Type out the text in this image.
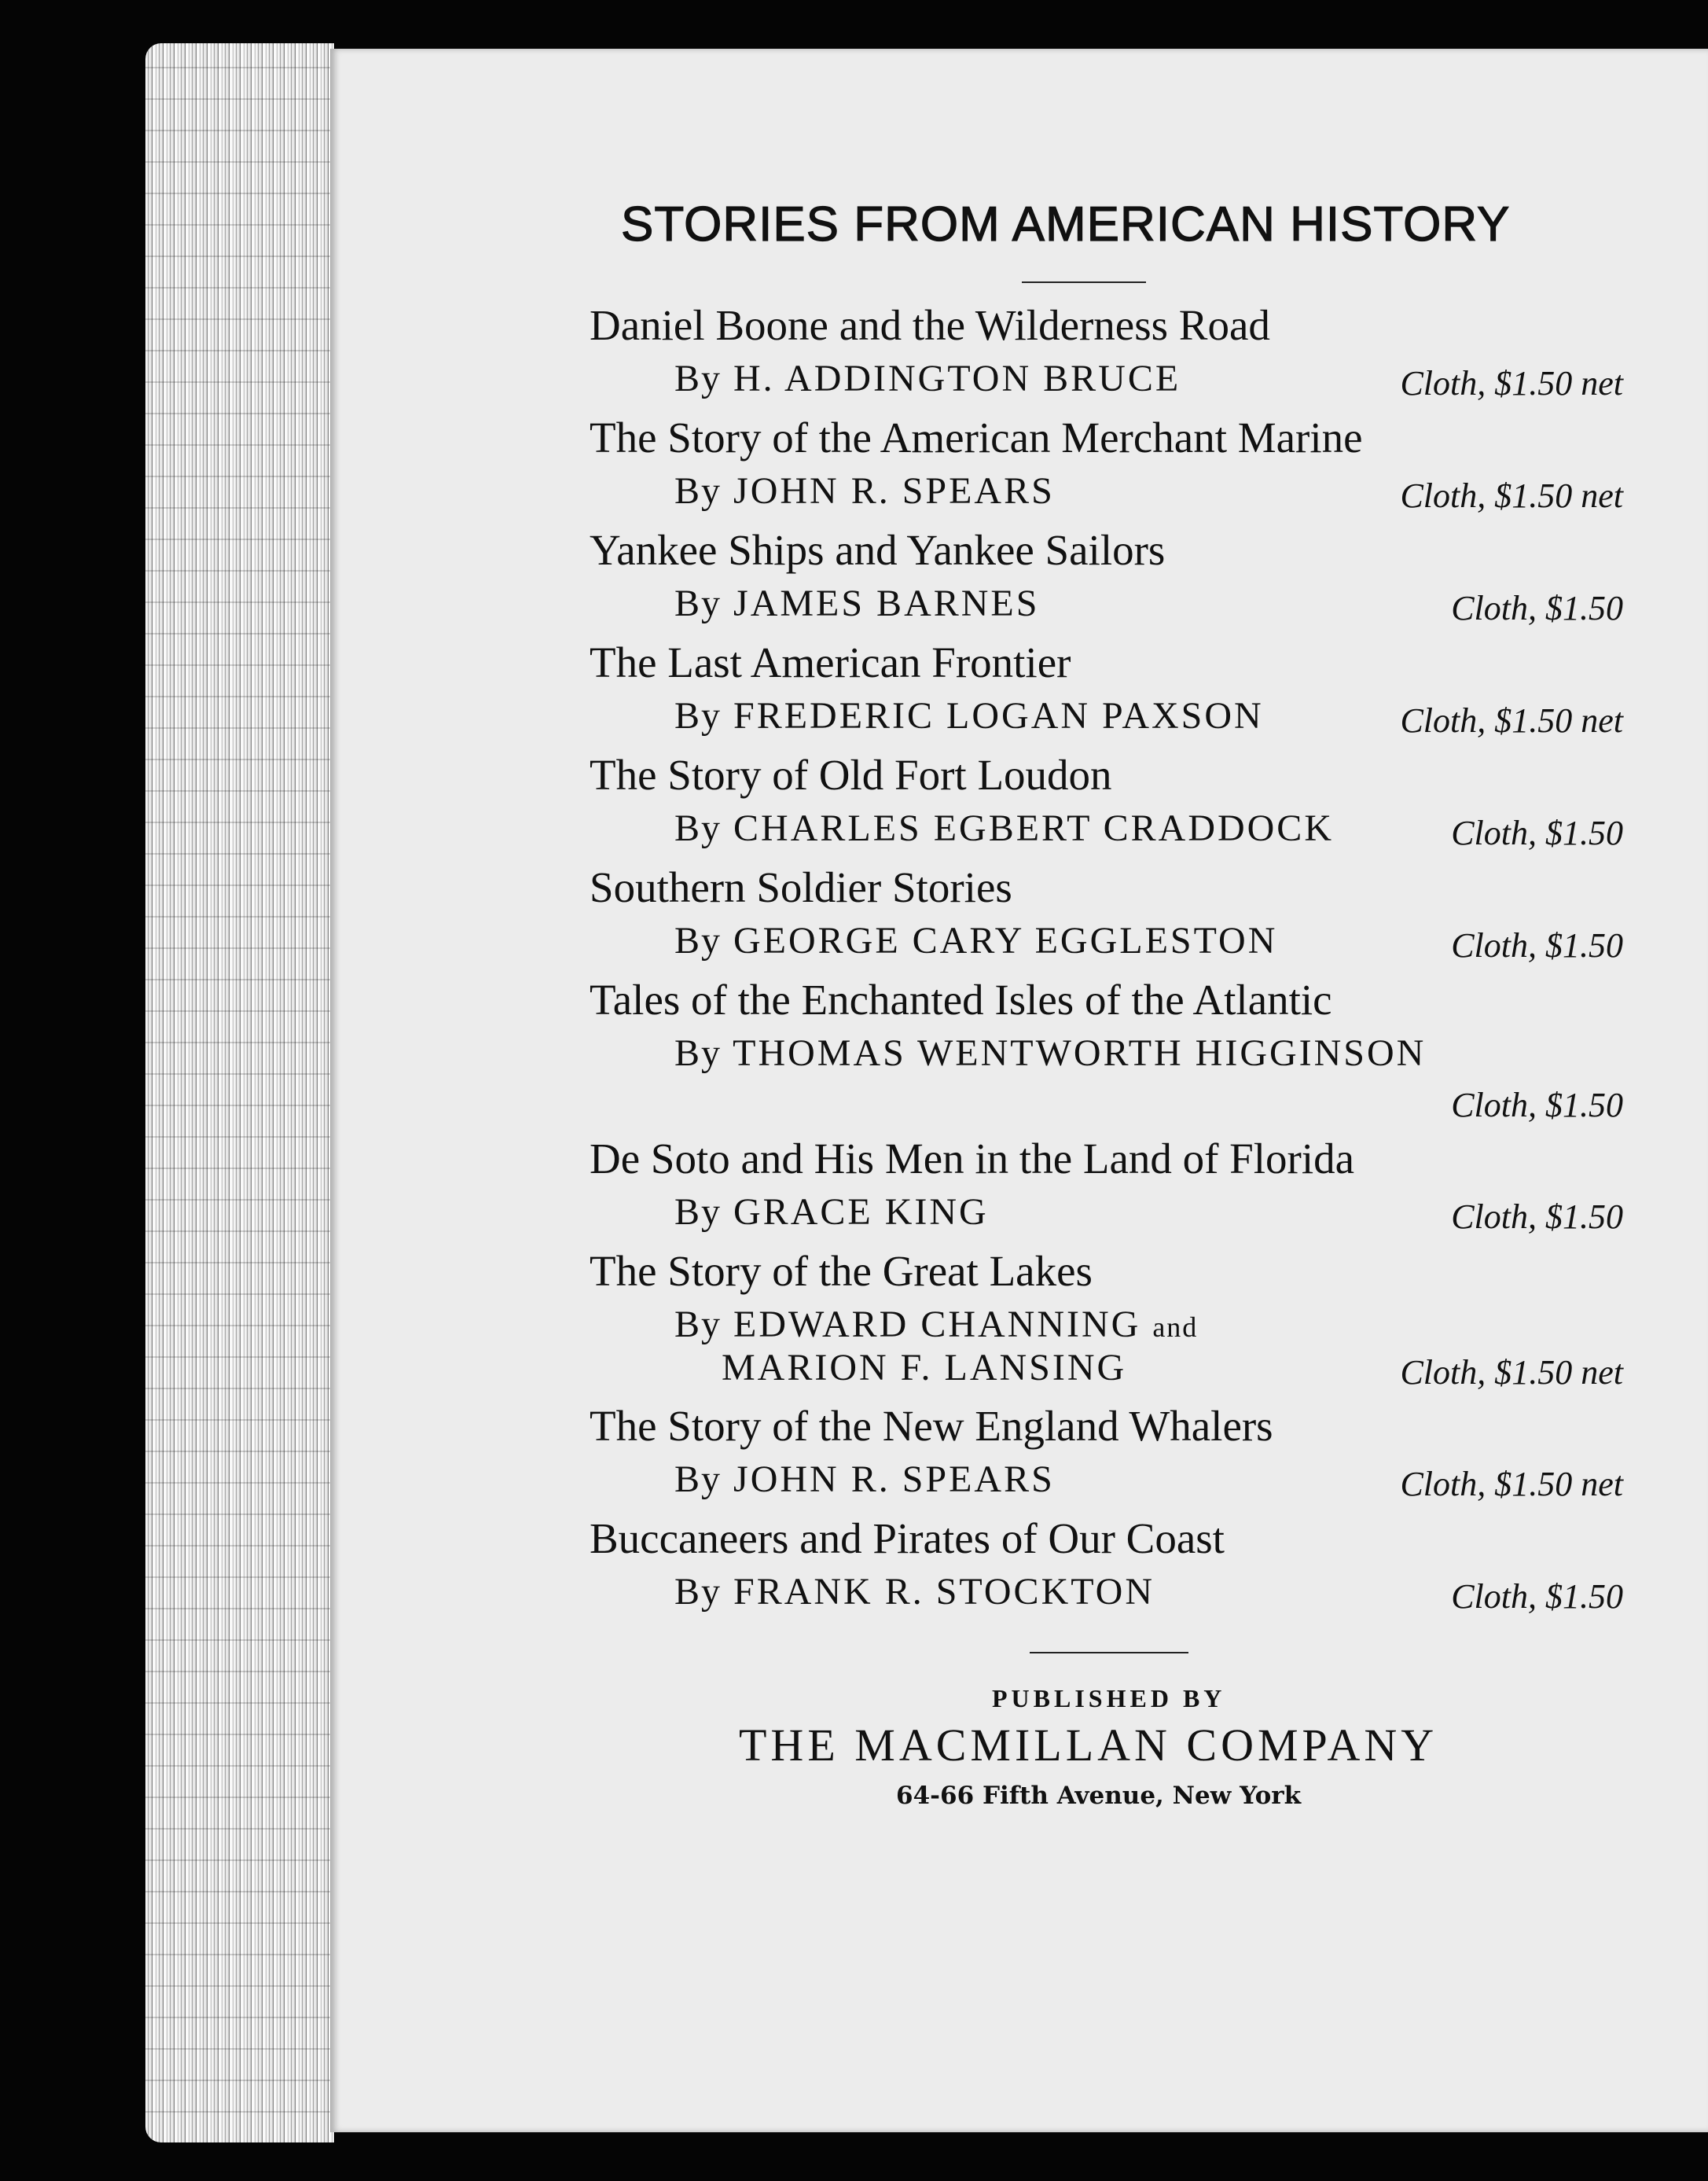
STORIES FROM AMERICAN HISTORY
Daniel Boone and the Wilderness Road
By H. ADDINGTON BRUCE	Cloth, $1.50 net
The Story of the American Merchant Marine
By JOHN R. SPEARS	Cloth, $1.50 net
Yankee Ships and Yankee Sailors
By JAMES BARNES	Cloth, $1.50
The Last American Frontier
By FREDERIC LOGAN PAXSON	Cloth, $1.50 net
The Story of Old Fort Loudon
By CHARLES EGBERT CRADDOCK	Cloth, $1.50
Southern Soldier Stories
By GEORGE CARY EGGLESTON	Cloth, $1.50
Tales of the Enchanted Isles of the Atlantic
By THOMAS WENTWORTH HIGGINSON
Cloth, $1.50
De Soto and His Men in the Land of Florida
By GRACE KING	Cloth, $1.50
The Story of the Great Lakes
By EDWARD CHANNING and
MARION F. LANSING	Cloth, $1.50 net
The Story of the New England Whalers
By JOHN R. SPEARS	Cloth, $1.50 net
Buccaneers and Pirates of Our Coast
By FRANK R. STOCKTON	Cloth, $1.50
PUBLISHED BY
THE MACMILLAN COMPANY
64-66 Fifth Avenue, New York
